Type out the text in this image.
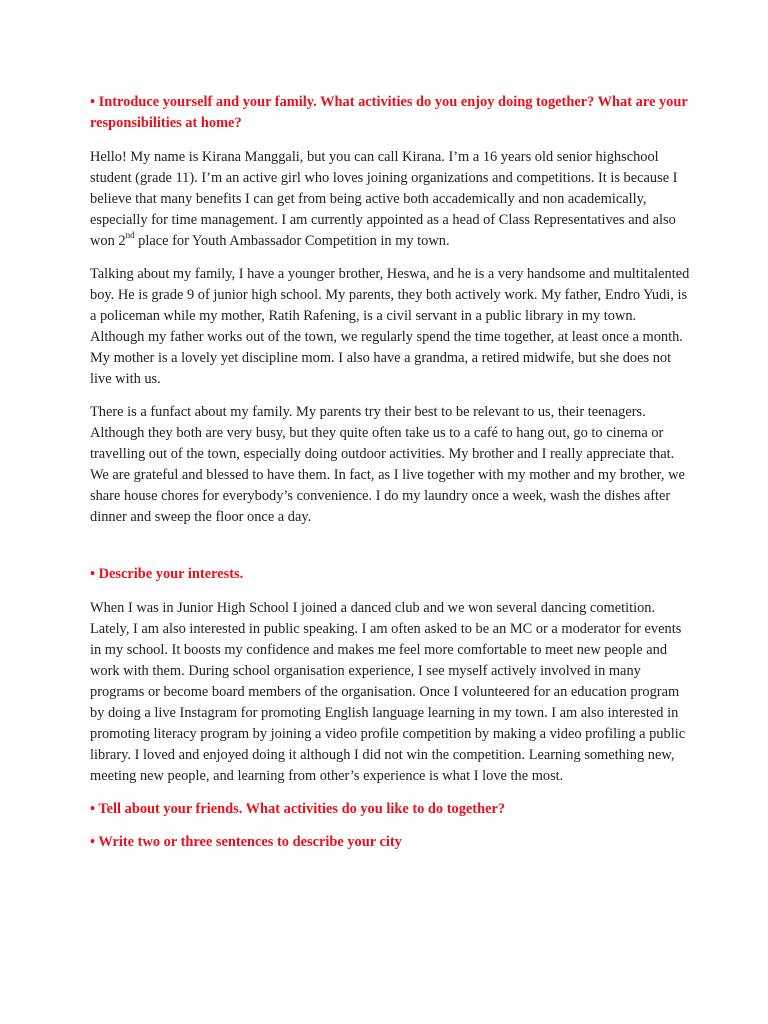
• Introduce yourself and your family. What activities do you enjoy doing together? What are your responsibilities at home?

Hello! My name is Kirana Manggali, but you can call Kirana. I’m a 16 years old senior highschool student (grade 11). I’m an active girl who loves joining organizations and competitions. It is because I believe that many benefits I can get from being active both accademically and non academically, especially for time management. I am currently appointed as a head of Class Representatives and also won 2nd place for Youth Ambassador Competition in my town.

Talking about my family, I have a younger brother, Heswa, and he is a very handsome and multitalented boy. He is grade 9 of junior high school. My parents, they both actively work. My father, Endro Yudi, is a policeman while my mother, Ratih Rafening, is a civil servant in a public library in my town. Although my father works out of the town, we regularly spend the time together, at least once a month. My mother is a lovely yet discipline mom. I also have a grandma, a retired midwife, but she does not live with us.

There is a funfact about my family. My parents try their best to be relevant to us, their teenagers. Although they both are very busy, but they quite often take us to a café to hang out, go to cinema or travelling out of the town, especially doing outdoor activities. My brother and I really appreciate that. We are grateful and blessed to have them. In fact, as I live together with my mother and my brother, we share house chores for everybody’s convenience. I do my laundry once a week, wash the dishes after dinner and sweep the floor once a day.

• Describe your interests.

When I was in Junior High School I joined a danced club and we won several dancing cometition. Lately, I am also interested in public speaking. I am often asked to be an MC or a moderator for events in my school. It boosts my confidence and makes me feel more comfortable to meet new people and work with them. During school organisation experience, I see myself actively involved in many programs or become board members of the organisation. Once I volunteered for an education program by doing a live Instagram for promoting English language learning in my town. I am also interested in promoting literacy program by joining a video profile competition by making a video profiling a public library. I loved and enjoyed doing it although I did not win the competition. Learning something new, meeting new people, and learning from other’s experience is what I love the most.

• Tell about your friends. What activities do you like to do together?

• Write two or three sentences to describe your city
